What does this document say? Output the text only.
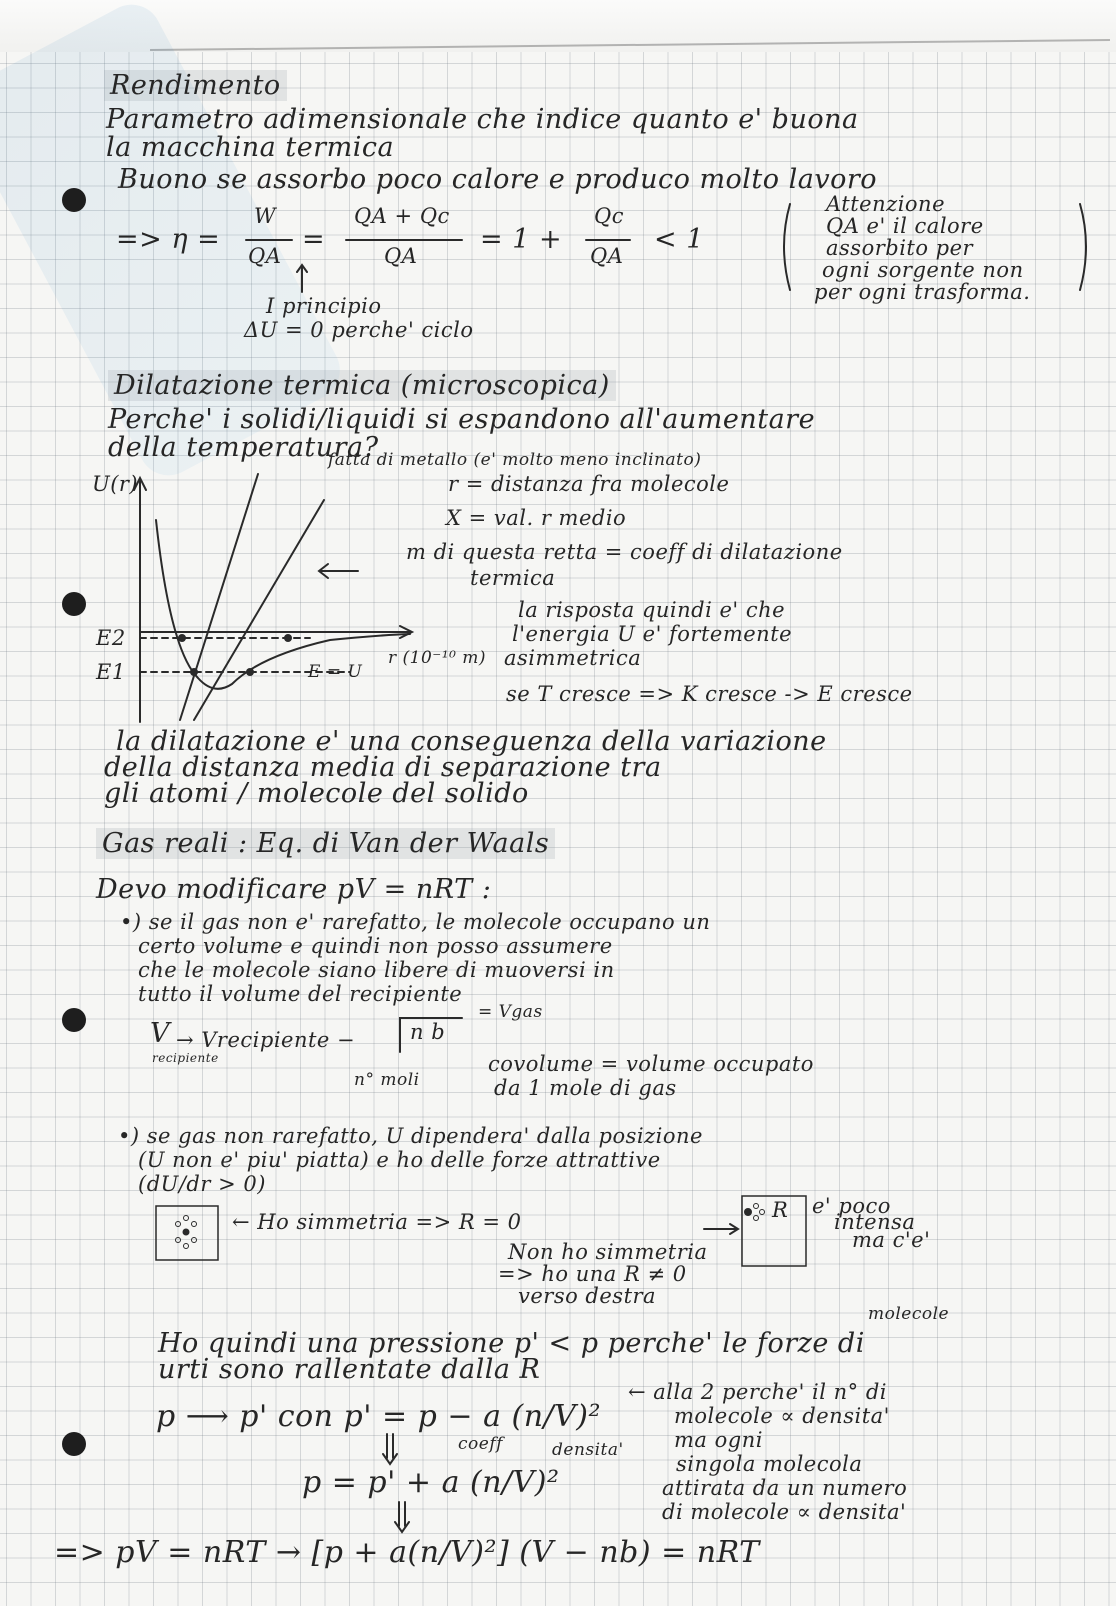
Rendimento
Parametro adimensionale che indice quanto e' buona
la macchina termica
Buono se assorbo poco calore e produco molto lavoro
=> η =
W
QA
=
QA + Qc
QA
= 1 +
Qc
QA
< 1
Attenzione
QA e' il calore
assorbito per
ogni sorgente non
per ogni trasforma.
I principio
ΔU = 0 perche' ciclo
Dilatazione termica (microscopica)
Perche' i solidi/liquidi si espandono all'aumentare
della temperatura?
U(r)
fatta di metallo (e' molto meno inclinato)
r = distanza fra molecole
X = val. r medio
m di questa retta = coeff di dilatazione
termica
la risposta quindi e' che
l'energia U e' fortemente
asimmetrica
E2
E1	E = U
r (10⁻¹⁰ m)
se T cresce => K cresce -> E cresce
la dilatazione e' una conseguenza della variazione
della distanza media di separazione tra
gli atomi / molecole del solido
Gas reali : Eq. di Van der Waals
Devo modificare pV = nRT :
•) se il gas non e' rarefatto, le molecole occupano un
certo volume e quindi non posso assumere
che le molecole siano libere di muoversi in
tutto il volume del recipiente
V
recipiente
→ Vrecipiente −	n b
= Vgas
n° moli
covolume = volume occupato
da 1 mole di gas
•) se gas non rarefatto, U dipendera' dalla posizione
(U non e' piu' piatta) e ho delle forze attrattive
(dU/dr > 0)
← Ho simmetria => R = 0	R e' poco
intensa
ma c'e'
Non ho simmetria
=> ho una R ≠ 0
verso destra
molecole
Ho quindi una pressione p' < p perche' le forze di
urti sono rallentate dalla R
p ⟶ p' con p' = p − a (n/V)²
coeff	densita'
p = p' + a (n/V)²
← alla 2 perche' il n° di
molecole ∝ densita'
ma ogni
singola molecola
attirata da un numero
di molecole ∝ densita'
=> pV = nRT → [p + a(n/V)²] (V − nb) = nRT
